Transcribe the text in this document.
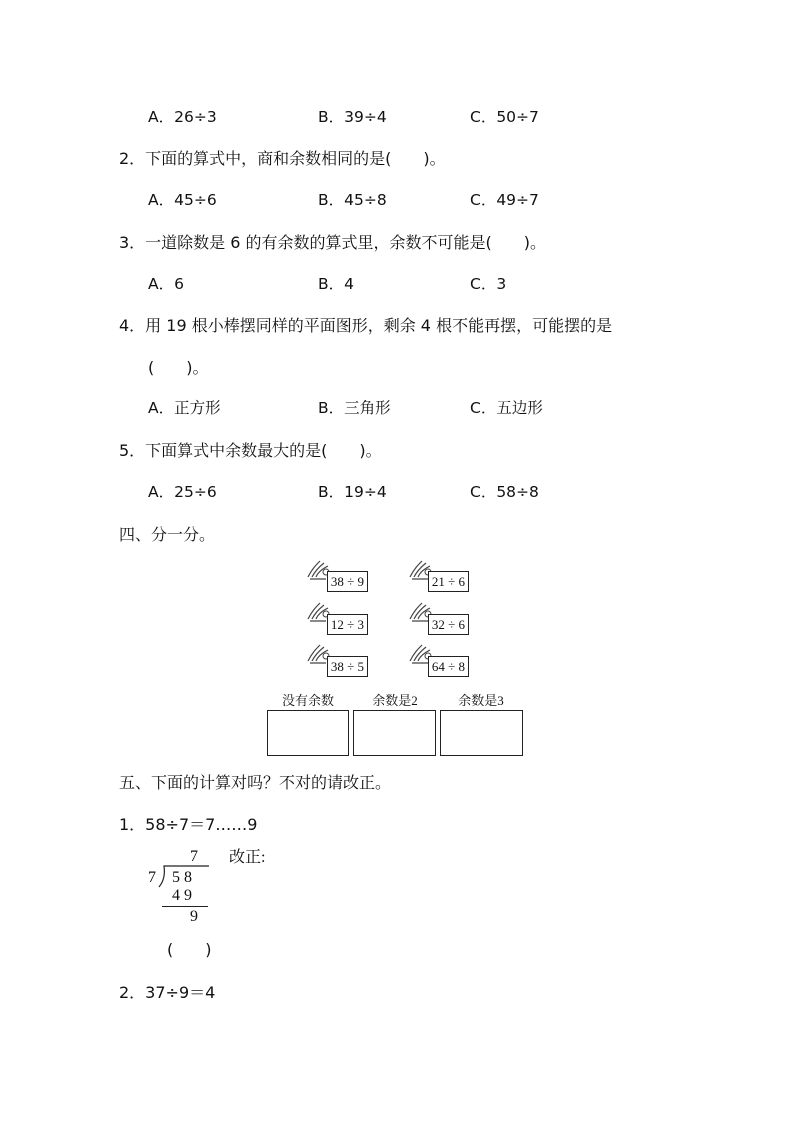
A．26÷3	B．39÷4	C．50÷7
2．下面的算式中，商和余数相同的是(　　)。
A．45÷6	B．45÷8	C．49÷7
3．一道除数是 6 的有余数的算式里，余数不可能是(　　)。
A．6	B．4	C．3
4．用 19 根小棒摆同样的平面图形，剩余 4 根不能再摆，可能摆的是
(　　)。
A．正方形	B．三角形	C．五边形
5．下面算式中余数最大的是(　　)。
A．25÷6	B．19÷4	C．58÷8
四、分一分。
38 ÷ 9	21 ÷ 6
12 ÷ 3	32 ÷ 6
38 ÷ 5	64 ÷ 8
没有余数	余数是2	余数是3
五、下面的计算对吗？不对的请改正。
1．58÷7＝7……9
7
7 5 8
4 9
9
改正:
(　　)
2．37÷9＝4
